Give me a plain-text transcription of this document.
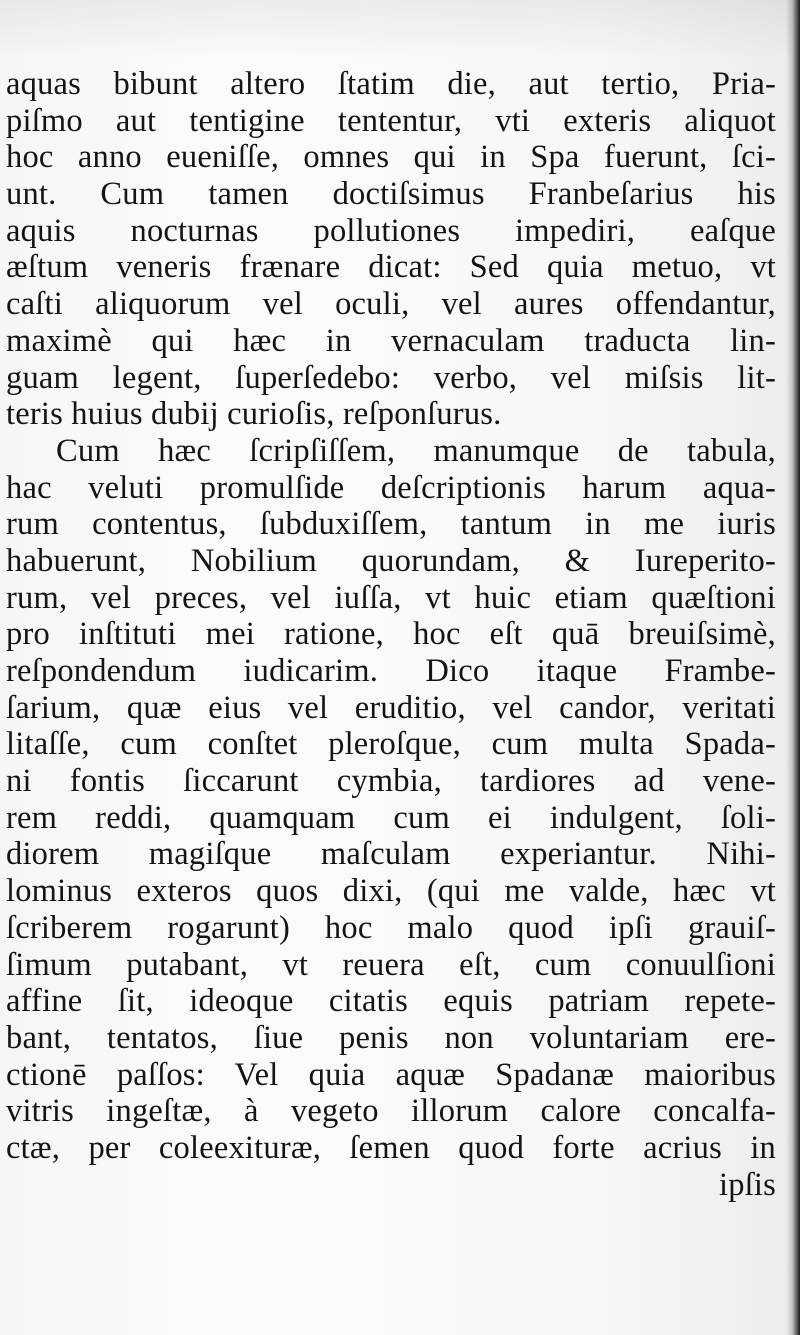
aquas bibunt altero ſtatim die, aut tertio, Pria-
piſmo aut tentigine tententur, vti exteris aliquot
hoc anno eueniſſe, omnes qui in Spa fuerunt, ſci-
unt. Cum tamen doctiſsimus Franbeſarius his
aquis nocturnas pollutiones impediri, eaſque
æſtum veneris frænare dicat: Sed quia metuo, vt
caſti aliquorum vel oculi, vel aures offendantur,
maximè qui hæc in vernaculam traducta lin-
guam legent, ſuperſedebo: verbo, vel miſsis lit-
teris huius dubij curioſis, reſponſurus.
Cum hæc ſcripſiſſem, manumque de tabula,
hac veluti promulſide deſcriptionis harum aqua-
rum contentus, ſubduxiſſem, tantum in me iuris
habuerunt, Nobilium quorundam, & Iureperito-
rum, vel preces, vel iuſſa, vt huic etiam quæſtioni
pro inſtituti mei ratione, hoc eſt quā breuiſsimè,
reſpondendum iudicarim. Dico itaque Frambe-
ſarium, quæ eius vel eruditio, vel candor, veritati
litaſſe, cum conſtet pleroſque, cum multa Spada-
ni fontis ſiccarunt cymbia, tardiores ad vene-
rem reddi, quamquam cum ei indulgent, ſoli-
diorem magiſque maſculam experiantur. Nihi-
lominus exteros quos dixi, (qui me valde, hæc vt
ſcriberem rogarunt) hoc malo quod ipſi grauiſ-
ſimum putabant, vt reuera eſt, cum conuulſioni
affine ſit, ideoque citatis equis patriam repete-
bant, tentatos, ſiue penis non voluntariam ere-
ctionē paſſos: Vel quia aquæ Spadanæ maioribus
vitris ingeſtæ, à vegeto illorum calore concalfa-
ctæ, per coleexituræ, ſemen quod forte acrius in
ipſis
